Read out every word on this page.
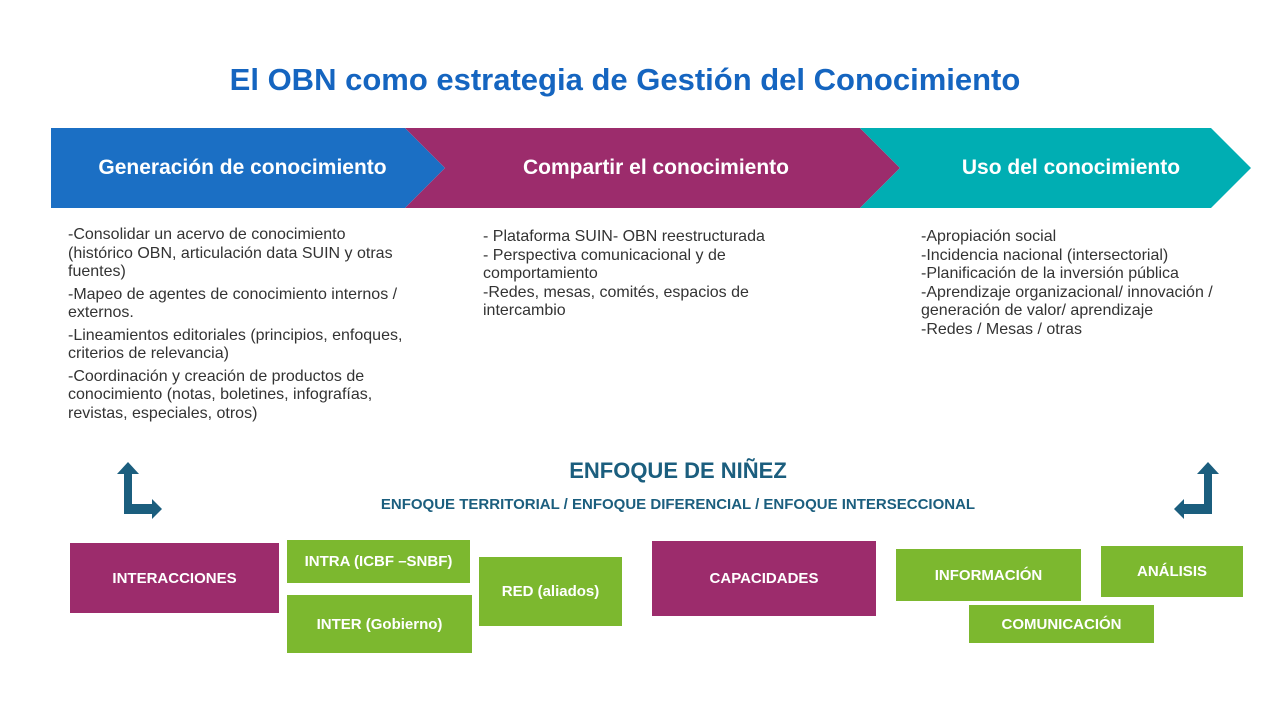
El OBN como estrategia de Gestión del Conocimiento
Generación de conocimiento	Compartir el conocimiento	Uso del conocimiento

-Consolidar un acervo de conocimiento (histórico OBN, articulación data SUIN y otras fuentes)

-Mapeo de agentes de conocimiento internos / externos.

-Lineamientos editoriales (principios, enfoques, criterios de relevancia)

-Coordinación y creación de productos de conocimiento (notas, boletines, infografías, revistas, especiales, otros)

- Plataforma SUIN- OBN reestructurada

- Perspectiva comunicacional y de comportamiento

-Redes, mesas, comités, espacios de intercambio

-Apropiación social

-Incidencia nacional (intersectorial)

-Planificación de la inversión pública

-Aprendizaje organizacional/ innovación / generación de valor/ aprendizaje

-Redes / Mesas / otras

ENFOQUE DE NIÑEZ
ENFOQUE TERRITORIAL / ENFOQUE DIFERENCIAL / ENFOQUE INTERSECCIONAL
INTERACCIONES
INTRA (ICBF –SNBF)
INTER (Gobierno)
RED (aliados)
CAPACIDADES	INFORMACIÓN	ANÁLISIS
COMUNICACIÓN
